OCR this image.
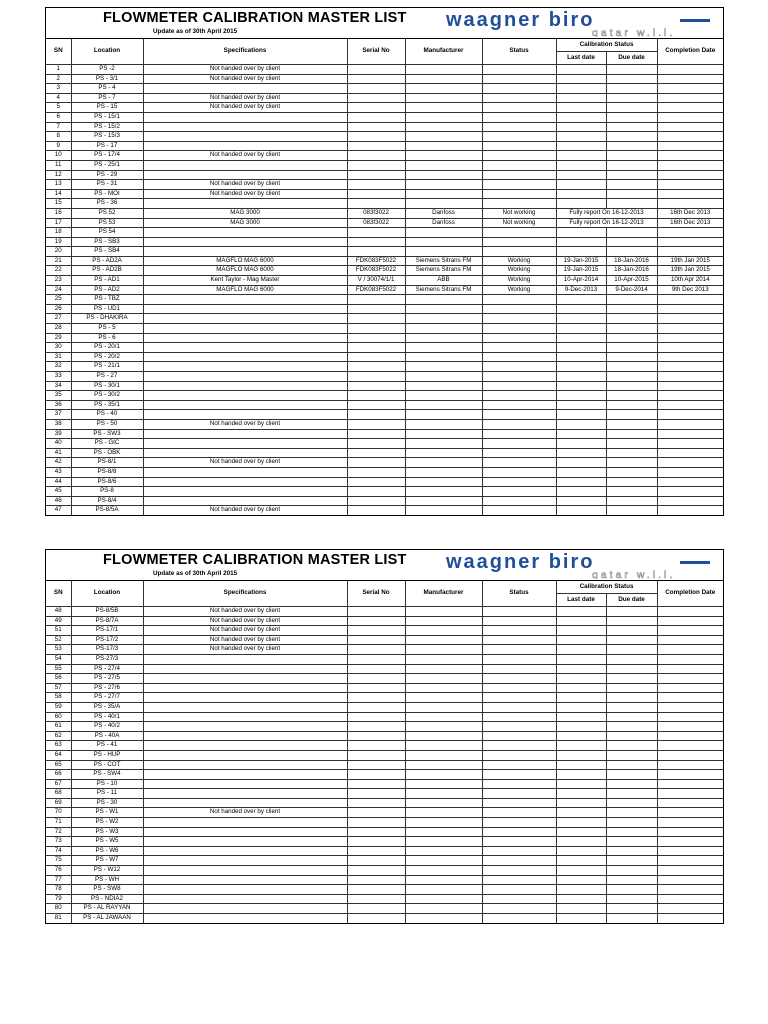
FLOWMETER CALIBRATION MASTER LIST
Update as of 30th April 2015
waagner biro
qatar w.l.l.
SN	Location	Specifications	Serial No	Manufacturer	Status	Calibration Status		Completion Date
						Last date	Due date	
1	PS -2	Not handed over by client						
2	PS - 3/1	Not handed over by client						
3	PS - 4							
4	PS - 7	Not handed over by client						
5	PS - 15	Not handed over by client						
6	PS - 15/1							
7	PS - 15/2							
8	PS - 15/3							
9	PS - 17							
10	PS - 17/4	Not handed over by client						
11	PS - 25/1							
12	PS - 29							
13	PS - 31	Not handed over by client						
14	PS - MOI	Not handed over by client						
15	PS - 36							
16	PS 52	MAG 3000	083f3022	Danfoss	Not working	Fully report On 16-12-2013		16th Dec 2013
17	PS 53	MAG 3000	083f3022	Danfoss	Not working	Fully report On 16-12-2013		16th Dec 2013
18	PS 54							
19	PS - SB3							
20	PS - SB4							
21	PS - AD2A	MAGFLO MAG 6000	FDK083F5022	Siemens Sitrans FM	Working	19-Jan-2015	18-Jan-2016	19th Jan 2015
22	PS - AD2B	MAGFLO MAG 6000	FDK083F5022	Siemens Sitrans FM	Working	19-Jan-2015	18-Jan-2016	19th Jan 2015
23	PS - AD1	Kent Taylor - Mag Master	V / 30074/1/1	ABB	Working	10-Apr-2014	10-Apr-2015	10th Apr 2014
24	PS - AD2	MAGFLO MAG 6000	FDK083F5022	Siemens Sitrans FM	Working	9-Dec-2013	9-Dec-2014	9th Dec 2013
25	PS - TBZ							
26	PS - UD1							
27	PS - DHAKIRA							
28	PS - 5							
29	PS - 6							
30	PS - 20/1							
31	PS - 20/2							
32	PS - 21/1							
33	PS - 27							
34	PS - 30/1							
35	PS - 30/2							
36	PS - 35/1							
37	PS - 40							
38	PS - 50	Not handed over by client						
39	PS - SW3							
40	PS - GIC							
41	PS - OBK							
42	PS-8/1	Not handed over by client						
43	PS-8/8							
44	PS-8/6							
45	PS-8							
46	PS-8/4							
47	PS-8/5A	Not handed over by client						
FLOWMETER CALIBRATION MASTER LIST
Update as of 30th April 2015
waagner biro
qatar w.l.l.
SN	Location	Specifications	Serial No	Manufacturer	Status	Calibration Status		Completion Date
						Last date	Due date	
48	PS-8/5B	Not handed over by client						
49	PS-8/7A	Not handed over by client						
51	PS-17/1	Not handed over by client						
52	PS-17/2	Not handed over by client						
53	PS-17/3	Not handed over by client						
54	PS-27/3							
55	PS - 27/4							
56	PS - 27/5							
57	PS - 27/6							
58	PS - 27/7							
59	PS - 35/A							
60	PS - 40/1							
61	PS - 40/2							
62	PS - 40A							
63	PS - 41							
64	PS - HUP							
65	PS - COT							
66	PS - SW4							
67	PS - 10							
68	PS - 11							
69	PS - 30							
70	PS - W1	Not handed over by client						
71	PS - W2							
72	PS - W3							
73	PS - W5							
74	PS - W6							
75	PS - W7							
76	PS - W12							
77	PS - WH							
78	PS - SW8							
79	PS - NDIA2							
80	PS - AL RAYYAN							
81	PS - AL JAWAAN							
